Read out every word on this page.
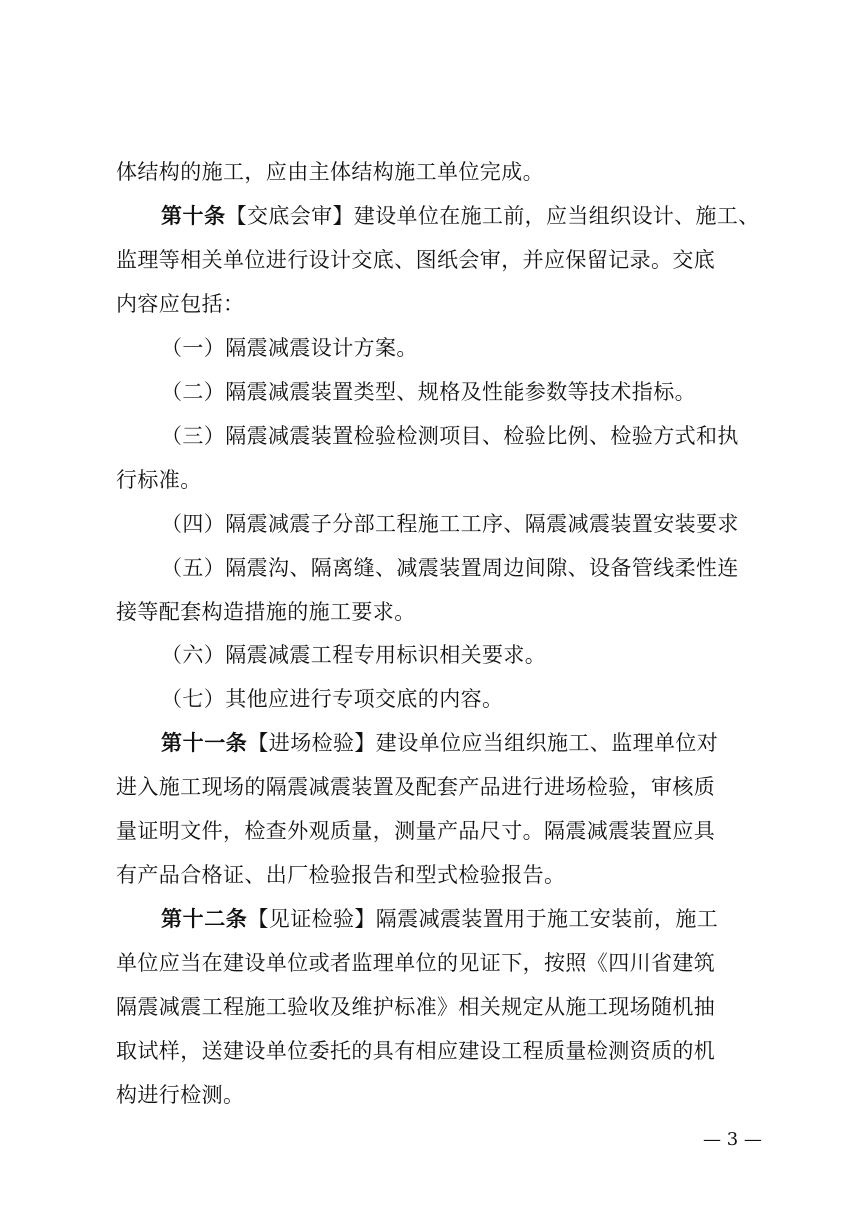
体结构的施工，应由主体结构施工单位完成。
第十条【交底会审】建设单位在施工前，应当组织设计、施工、
监理等相关单位进行设计交底、图纸会审，并应保留记录。交底
内容应包括：
（一）隔震减震设计方案。
（二）隔震减震装置类型、规格及性能参数等技术指标。
（三）隔震减震装置检验检测项目、检验比例、检验方式和执
行标准。
（四）隔震减震子分部工程施工工序、隔震减震装置安装要求
（五）隔震沟、隔离缝、减震装置周边间隙、设备管线柔性连
接等配套构造措施的施工要求。
（六）隔震减震工程专用标识相关要求。
（七）其他应进行专项交底的内容。
第十一条【进场检验】建设单位应当组织施工、监理单位对
进入施工现场的隔震减震装置及配套产品进行进场检验，审核质
量证明文件，检查外观质量，测量产品尺寸。隔震减震装置应具
有产品合格证、出厂检验报告和型式检验报告。
第十二条【见证检验】隔震减震装置用于施工安装前，施工
单位应当在建设单位或者监理单位的见证下，按照《四川省建筑
隔震减震工程施工验收及维护标准》相关规定从施工现场随机抽
取试样，送建设单位委托的具有相应建设工程质量检测资质的机
构进行检测。
— 3 —
